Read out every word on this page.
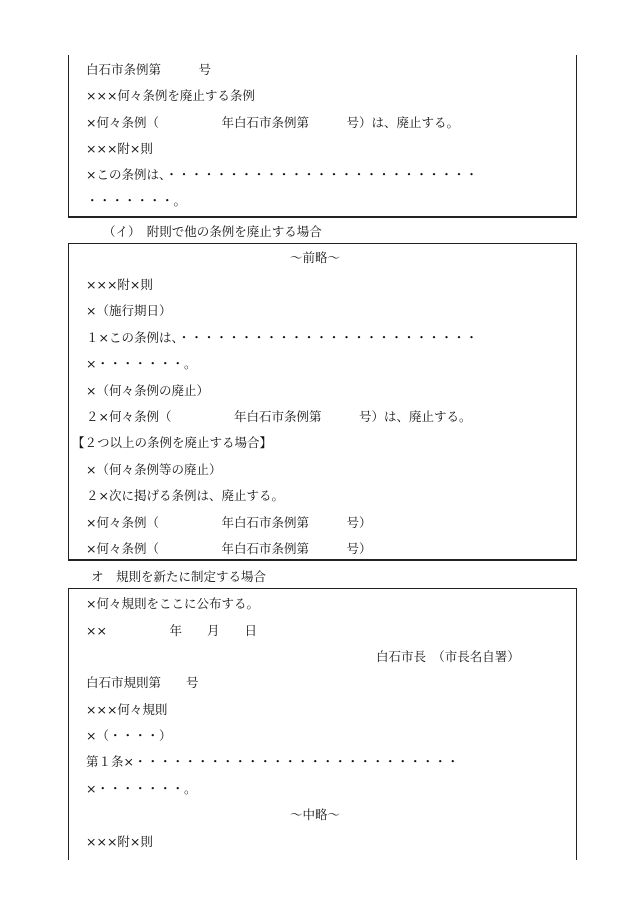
白石市条例第　　　号
×××何々条例を廃止する条例
×何々条例（　　　　　年白石市条例第　　　号）は、廃止する。
×××附×則
×この条例は、・・・・・・・・・・・・・・・・・・・・・・・・・
・・・・・・・。
（イ）　附則で他の条例を廃止する場合
～前略～
×××附×則
×（施行期日）
１×この条例は、・・・・・・・・・・・・・・・・・・・・・・・・
×・・・・・・・。
×（何々条例の廃止）
２×何々条例（　　　　　年白石市条例第　　　号）は、廃止する。
【２つ以上の条例を廃止する場合】
×（何々条例等の廃止）
２×次に掲げる条例は、廃止する。
×何々条例（　　　　　年白石市条例第　　　号）
×何々条例（　　　　　年白石市条例第　　　号）
オ　規則を新たに制定する場合
×何々規則をここに公布する。
××　　　　　年　　月　　日
白石市長　（市長名自署）
白石市規則第　　号
×××何々規則
×（・・・・）
第１条×・・・・・・・・・・・・・・・・・・・・・・・・・・
×・・・・・・・。
～中略～
×××附×則
